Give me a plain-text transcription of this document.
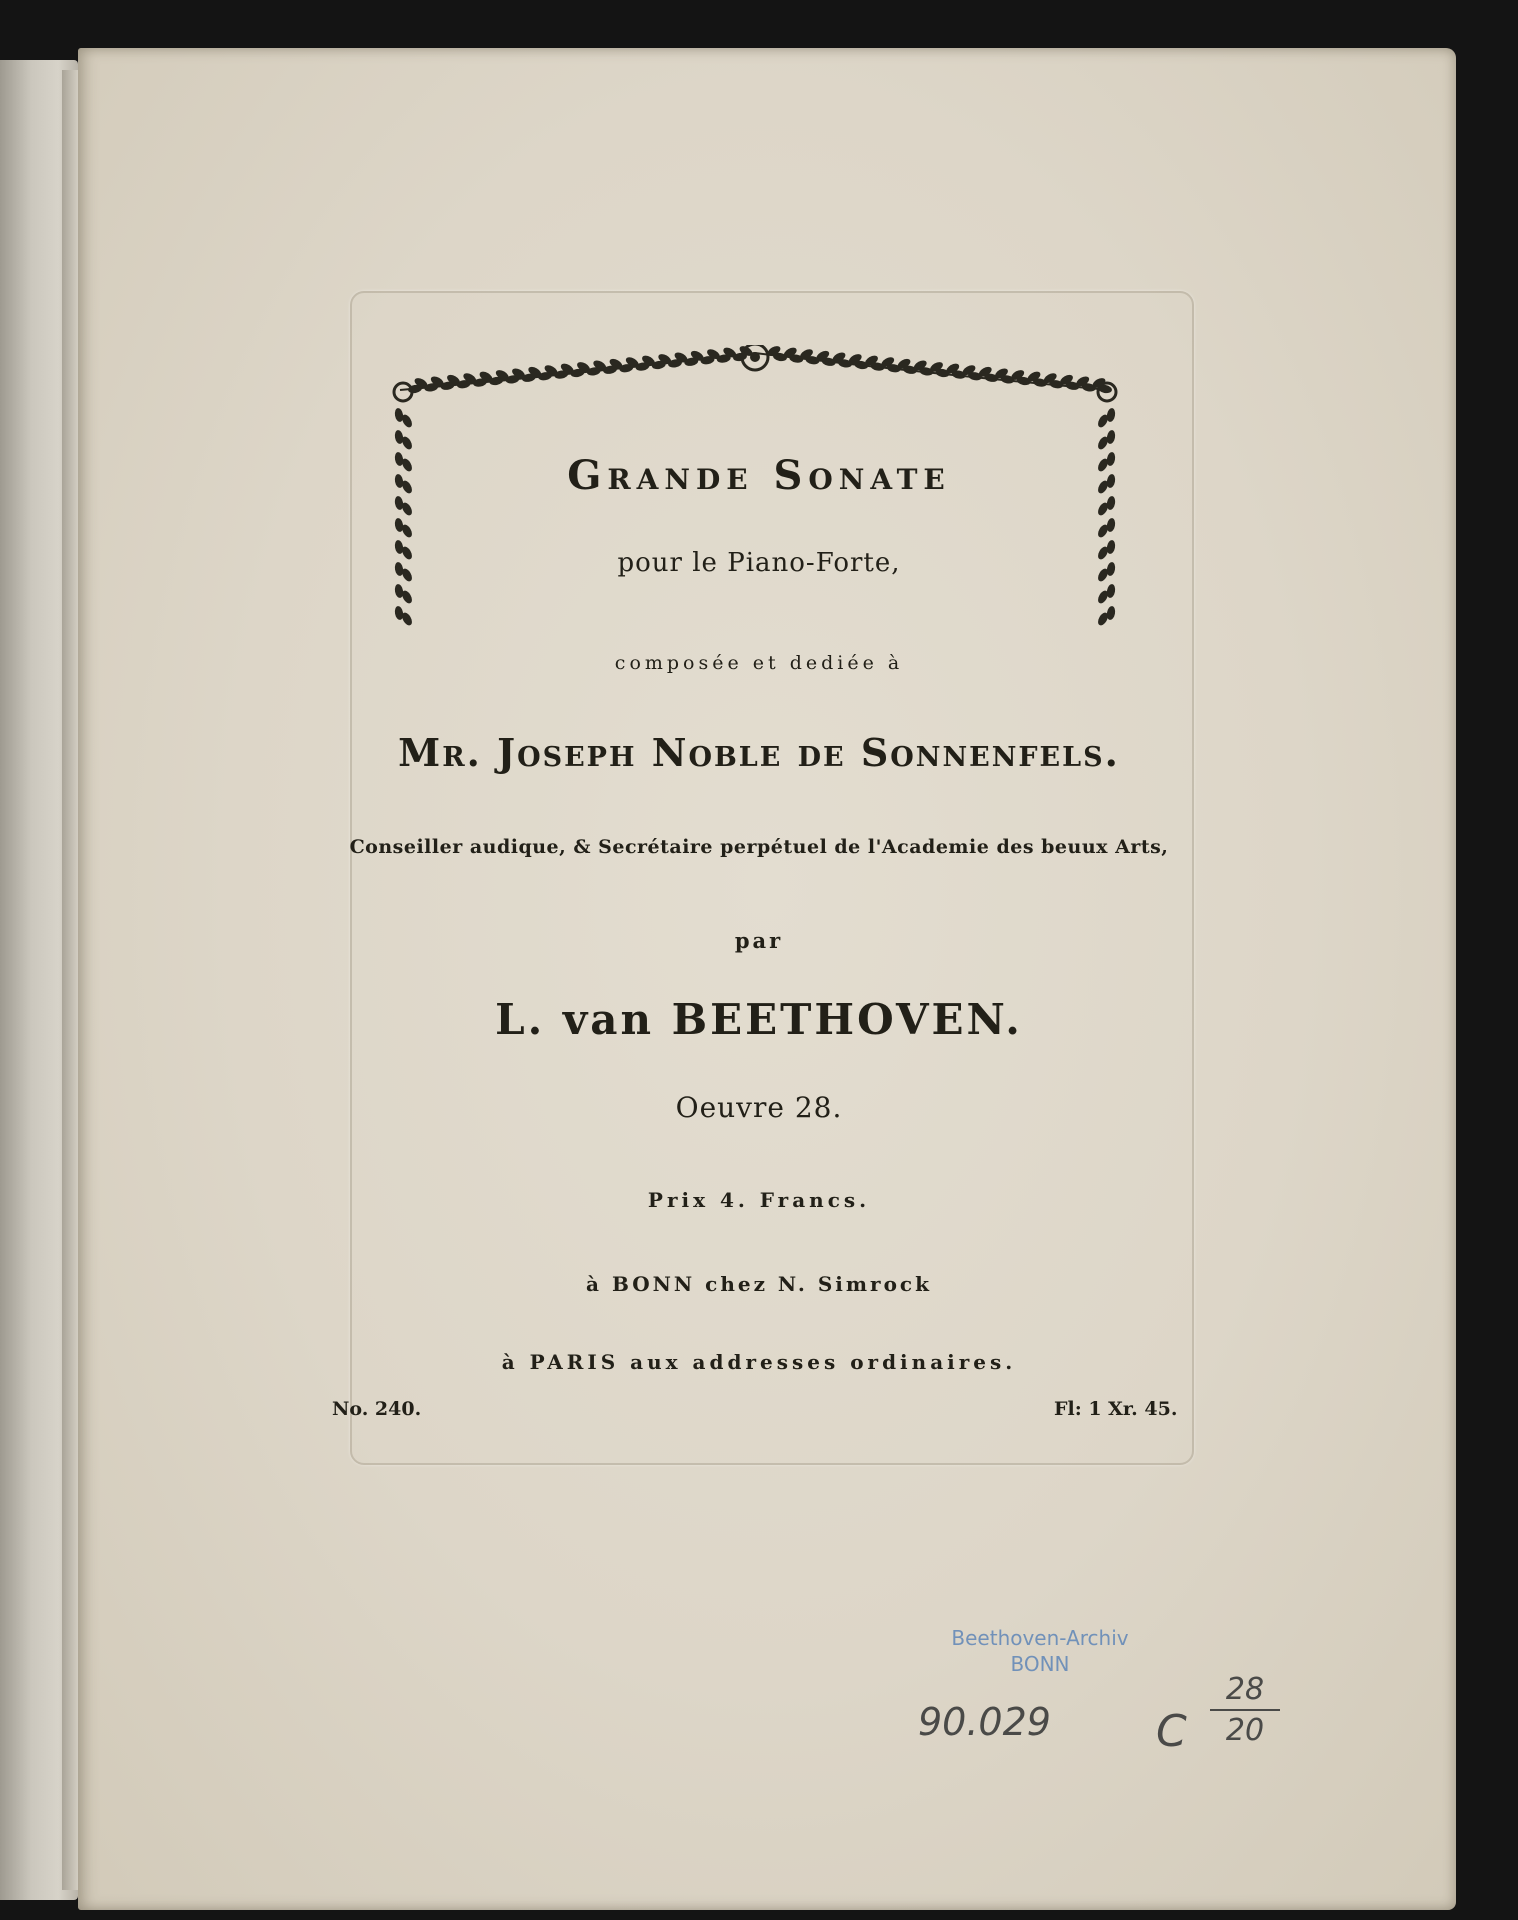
Grande Sonate
pour le Piano-Forte,
composée et dediée à
Mr. Joseph Noble de Sonnenfels.
Conseiller audique, & Secrétaire perpétuel de l'Academie des beuux Arts,
par
L. van BEETHOVEN.
Oeuvre 28.
Prix 4. Francs.
à BONN chez N. Simrock
à PARIS aux addresses ordinaires.
No. 240.	Fl: 1 Xr. 45.
Beethoven-Archiv
BONN
90.029 C
28
20
